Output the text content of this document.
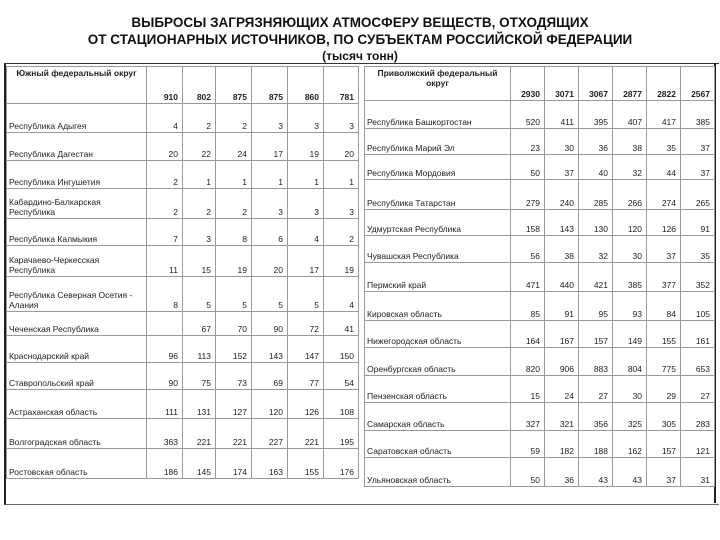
ВЫБРОСЫ ЗАГРЯЗНЯЮЩИХ АТМОСФЕРУ ВЕЩЕСТВ, ОТХОДЯЩИХ
ОТ СТАЦИОНАРНЫХ ИСТОЧНИКОВ, ПО СУБЪЕКТАМ РОССИЙСКОЙ ФЕДЕРАЦИИ
(тысяч тонн)
Южный федеральный округ	910	802	875	875	860	781
Республика Адыгея	4	2	2	3	3	3
Республика Дагестан	20	22	24	17	19	20
Республика Ингушетия	2	1	1	1	1	1
Кабардино-Балкарская Республика	2	2	2	3	3	3
Республика Калмыкия	7	3	8	6	4	2
Карачаево-Черкесская Республика	11	15	19	20	17	19
Республика Северная Осетия - Алания	8	5	5	5	5	4
Чеченская Республика		67	70	90	72	41
Краснодарский край	96	113	152	143	147	150
Ставропольский край	90	75	73	69	77	54
Астраханская область	111	131	127	120	126	108
Волгоградская область	363	221	221	227	221	195
Ростовская область	186	145	174	163	155	176
Приволжский федеральный округ	2930	3071	3067	2877	2822	2567
Республика Башкортостан	520	411	395	407	417	385
Республика Марий Эл	23	30	36	38	35	37
Республика Мордовия	50	37	40	32	44	37
Республика Татарстан	279	240	285	266	274	265
Удмуртская Республика	158	143	130	120	126	91
Чувашская Республика	56	38	32	30	37	35
Пермский край	471	440	421	385	377	352
Кировская область	85	91	95	93	84	105
Нижегородская область	164	167	157	149	155	161
Оренбургская область	820	906	883	804	775	653
Пензенская область	15	24	27	30	29	27
Самарская область	327	321	356	325	305	283
Саратовская область	59	182	188	162	157	121
Ульяновская область	50	36	43	43	37	31
